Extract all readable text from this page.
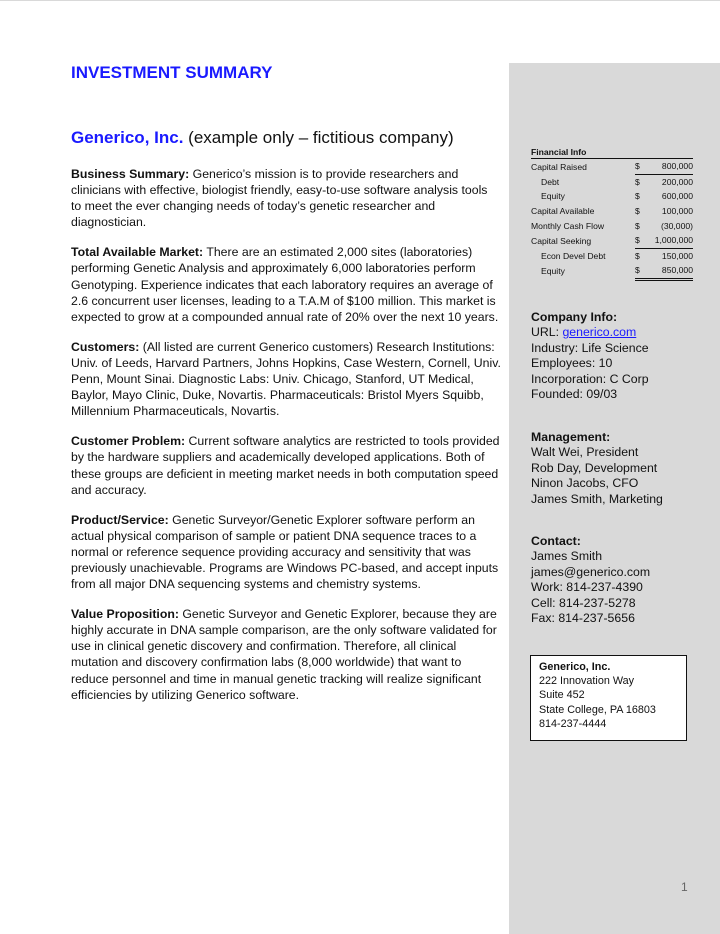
INVESTMENT SUMMARY
Generico, Inc. (example only – fictitious company)

Business Summary: Generico’s mission is to provide researchers and clinicians with effective, biologist friendly, easy-to-use software analysis tools to meet the ever changing needs of today’s genetic researcher and diagnostician.

Total Available Market: There are an estimated 2,000 sites (laboratories) performing Genetic Analysis and approximately 6,000 laboratories perform Genotyping. Experience indicates that each laboratory requires an average of 2.6 concurrent user licenses, leading to a T.A.M of $100 million. This market is expected to grow at a compounded annual rate of 20% over the next 10 years.

Customers: (All listed are current Generico customers) Research Institutions: Univ. of Leeds, Harvard Partners, Johns Hopkins, Case Western, Cornell, Univ. Penn, Mount Sinai. Diagnostic Labs: Univ. Chicago, Stanford, UT Medical, Baylor, Mayo Clinic, Duke, Novartis. Pharmaceuticals: Bristol Myers Squibb, Millennium Pharmaceuticals, Novartis.

Customer Problem: Current software analytics are restricted to tools provided by the hardware suppliers and academically developed applications. Both of these groups are deficient in meeting market needs in both computation speed and accuracy.

Product/Service: Genetic Surveyor/Genetic Explorer software perform an actual physical comparison of sample or patient DNA sequence traces to a normal or reference sequence providing accuracy and sensitivity that was previously unachievable. Programs are Windows PC-based, and accept inputs from all major DNA sequencing systems and chemistry systems.

Value Proposition: Genetic Surveyor and Genetic Explorer, because they are highly accurate in DNA sample comparison, are the only software validated for use in clinical genetic discovery and confirmation. Therefore, all clinical mutation and discovery confirmation labs (8,000 worldwide) that want to reduce personnel and time in manual genetic tracking will realize significant efficiencies by utilizing Generico software.

Financial Info		
Capital Raised	$	800,000
Debt	$	200,000
Equity	$	600,000
Capital Available	$	100,000
Monthly Cash Flow	$	(30,000)
Capital Seeking	$	1,000,000
Econ Devel Debt	$	150,000
Equity	$	850,000
Company Info:
URL: generico.com
Industry: Life Science
Employees: 10
Incorporation: C Corp
Founded: 09/03
Management:
Walt Wei, President
Rob Day, Development
Ninon Jacobs, CFO
James Smith, Marketing
Contact:
James Smith
james@generico.com
Work: 814-237-4390
Cell: 814-237-5278
Fax: 814-237-5656
Generico, Inc.
222 Innovation Way
Suite 452
State College, PA 16803
814-237-4444
1
